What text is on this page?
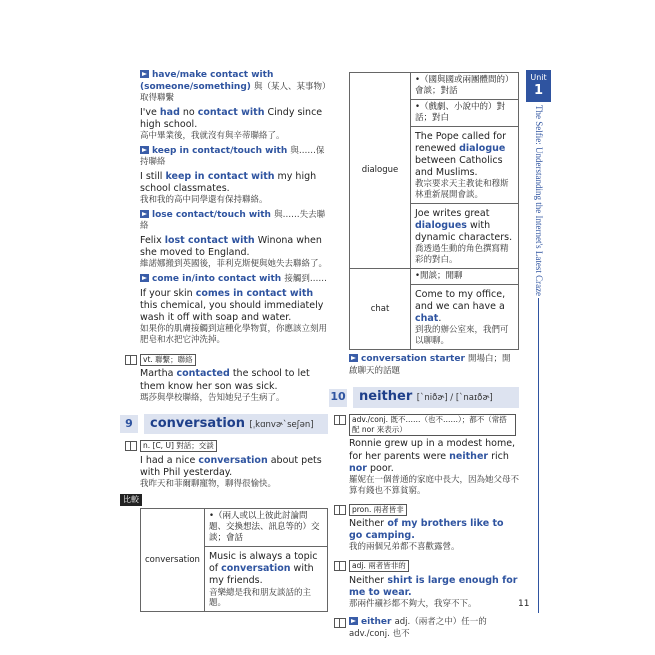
have/make contact with (someone/something) 與（某人、某事物）取得聯繫
I've had no contact with Cindy since high school.
高中畢業後，我就沒有與辛蒂聯絡了。
keep in contact/touch with 與……保持聯絡
I still keep in contact with my high school classmates.
我和我的高中同學還有保持聯絡。
lose contact/touch with 與……失去聯絡
Felix lost contact with Winona when she moved to England.
維諾娜搬到英國後，菲利克斯便與她失去聯絡了。
come in/into contact with 接觸到……
If your skin comes in contact with this chemical, you should immediately wash it off with soap and water.
如果你的肌膚接觸到這種化學物質，你應該立刻用肥皂和水把它沖洗掉。
vt. 聯繫；聯絡
Martha contacted the school to let them know her son was sick.
瑪莎與學校聯絡，告知她兒子生病了。
9	conversation [ˌkɑnvɚˋseʃən]
n. [C, U] 對話；交談
I had a nice conversation about pets with Phil yesterday.
我昨天和菲爾聊寵物，聊得很愉快。
比較
conversation	•（兩人或以上彼此討論問題、交換想法、訊息等的）交談；會話

Music is always a topic of conversation with my friends.
音樂總是我和朋友談話的主題。
dialogue	•（國與國或兩團體間的）會談；對話
	•（戲劇、小說中的）對話；對白

	The Pope called for renewed dialogue between Catholics and Muslims.
教宗要求天主教徒和穆斯林重新展開會談。

	Joe writes great dialogues with dynamic characters.
喬透過生動的角色撰寫精彩的對白。

chat	•閒談；閒聊

	Come to my office, and we can have a chat.
到我的辦公室來，我們可以聊聊。
conversation starter 開場白；開啟聊天的話題
10	neither [ˋniðɚ] / [ˋnaɪðɚ]
adv./conj. 既不……（也不……）；都不（常搭配 nor 來表示）
Ronnie grew up in a modest home, for her parents were neither rich nor poor.
羅妮在一個普通的家庭中長大，因為她父母不算有錢也不算貧窮。
pron. 兩者皆非
Neither of my brothers like to go camping.
我的兩個兄弟都不喜歡露營。
adj. 兩者皆非的
Neither shirt is large enough for me to wear.
那兩件襯衫都不夠大，我穿不下。
either adj.（兩者之中）任一的 adv./conj. 也不
Unit
1
The Selfie: Understanding the Internet's Latest Craze
11
